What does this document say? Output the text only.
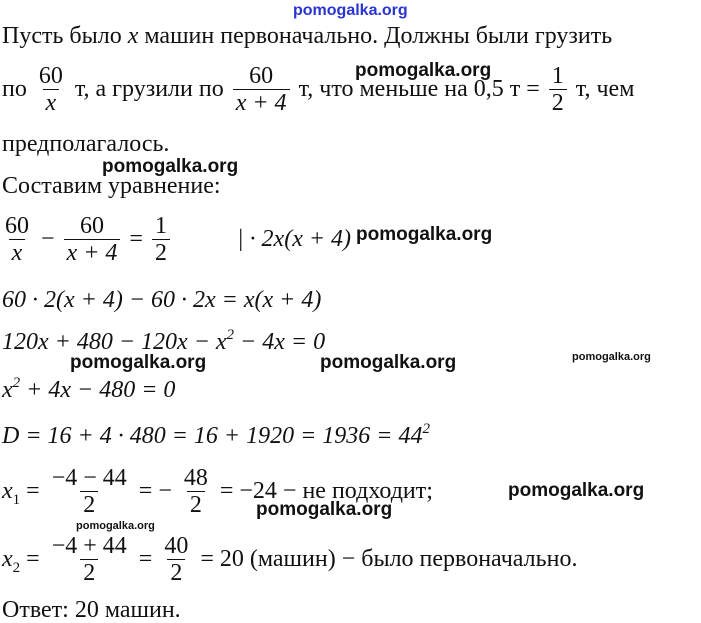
pomogalka.org
pomogalka.org
pomogalka.org
pomogalka.org
pomogalka.org	pomogalka.org	pomogalka.org
pomogalka.org
pomogalka.org
pomogalka.org
Пусть было x машин первоначально. Должны были грузить
по $\frac{60}{x} т$, а грузили по $\frac{60}{x + 4} т$, что меньше на 0,5 $т = \frac{1}{2} т$, чем
предполагалось.
Составим уравнение:
$\frac{60}{x} - \frac{60}{x + 4} = \frac{1}{2}$	| · 2x(x + 4)
60 · 2(x + 4) − 60 · 2x = x(x + 4)
$120x + 480 - 120x - x^2 - 4x = 0$
$x^2 + 4x - 480 = 0$
$D = 16 + 4 \cdot 480 = 16 + 1920 = 1936 = 44^2$
$x_1 = \frac{-4 - 44}{2}$ = − $\frac{48}{2} = -24$ − не подходит;
$x_2 = \frac{-4 + 44}{2} = \frac{40}{2} = 20$ (машин) − было первоначально.
Ответ: 20 машин.
